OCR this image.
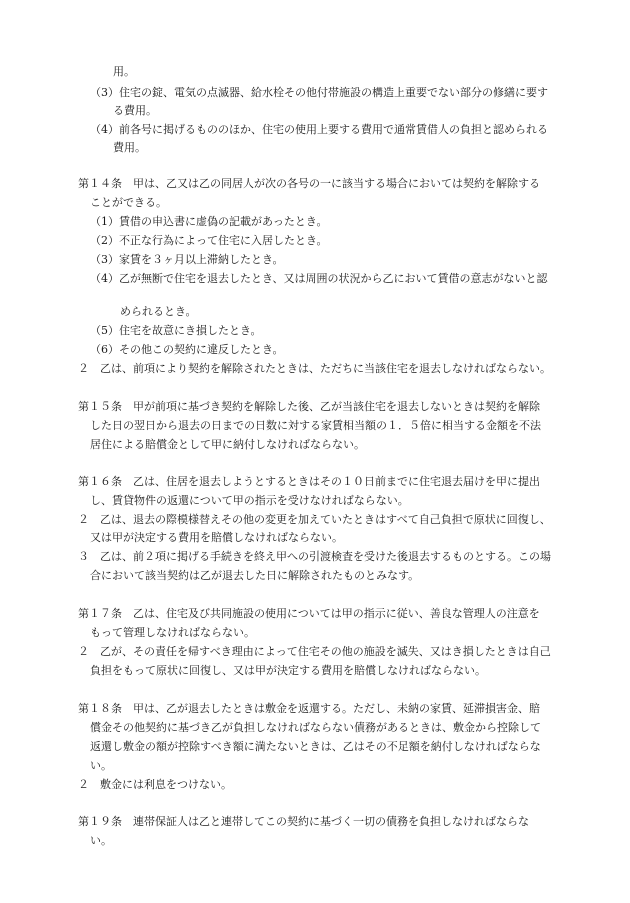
用。
（3）住宅の錠、電気の点滅器、給水栓その他付帯施設の構造上重要でない部分の修繕に要す
る費用。
（4）前各号に掲げるもののほか、住宅の使用上要する費用で通常賃借人の負担と認められる
費用。
第１４条　甲は、乙又は乙の同居人が次の各号の一に該当する場合においては契約を解除する
ことができる。
（1）賃借の申込書に虚偽の記載があったとき。
（2）不正な行為によって住宅に入居したとき。
（3）家賃を３ヶ月以上滞納したとき。
（4）乙が無断で住宅を退去したとき、又は周囲の状況から乙において賃借の意志がないと認
められるとき。
（5）住宅を故意にき損したとき。
（6）その他この契約に違反したとき。
２　乙は、前項により契約を解除されたときは、ただちに当該住宅を退去しなければならない。
第１５条　甲が前項に基づき契約を解除した後、乙が当該住宅を退去しないときは契約を解除
した日の翌日から退去の日までの日数に対する家賃相当額の１．５倍に相当する金額を不法
居住による賠償金として甲に納付しなければならない。
第１６条　乙は、住居を退去しようとするときはその１０日前までに住宅退去届けを甲に提出
し、賃貸物件の返還について甲の指示を受けなければならない。
２　乙は、退去の際模様替えその他の変更を加えていたときはすべて自己負担で原状に回復し、
又は甲が決定する費用を賠償しなければならない。
３　乙は、前２項に掲げる手続きを終え甲への引渡検査を受けた後退去するものとする。この場
合において該当契約は乙が退去した日に解除されたものとみなす。
第１７条　乙は、住宅及び共同施設の使用については甲の指示に従い、善良な管理人の注意を
もって管理しなければならない。
２　乙が、その責任を帰すべき理由によって住宅その他の施設を滅失、又はき損したときは自己
負担をもって原状に回復し、又は甲が決定する費用を賠償しなければならない。
第１８条　甲は、乙が退去したときは敷金を返還する。ただし、未納の家賃、延滞損害金、賠
償金その他契約に基づき乙が負担しなければならない債務があるときは、敷金から控除して
返還し敷金の額が控除すべき額に満たないときは、乙はその不足額を納付しなければならな
い。
２　敷金には利息をつけない。
第１９条　連帯保証人は乙と連帯してこの契約に基づく一切の債務を負担しなければならな
い。
